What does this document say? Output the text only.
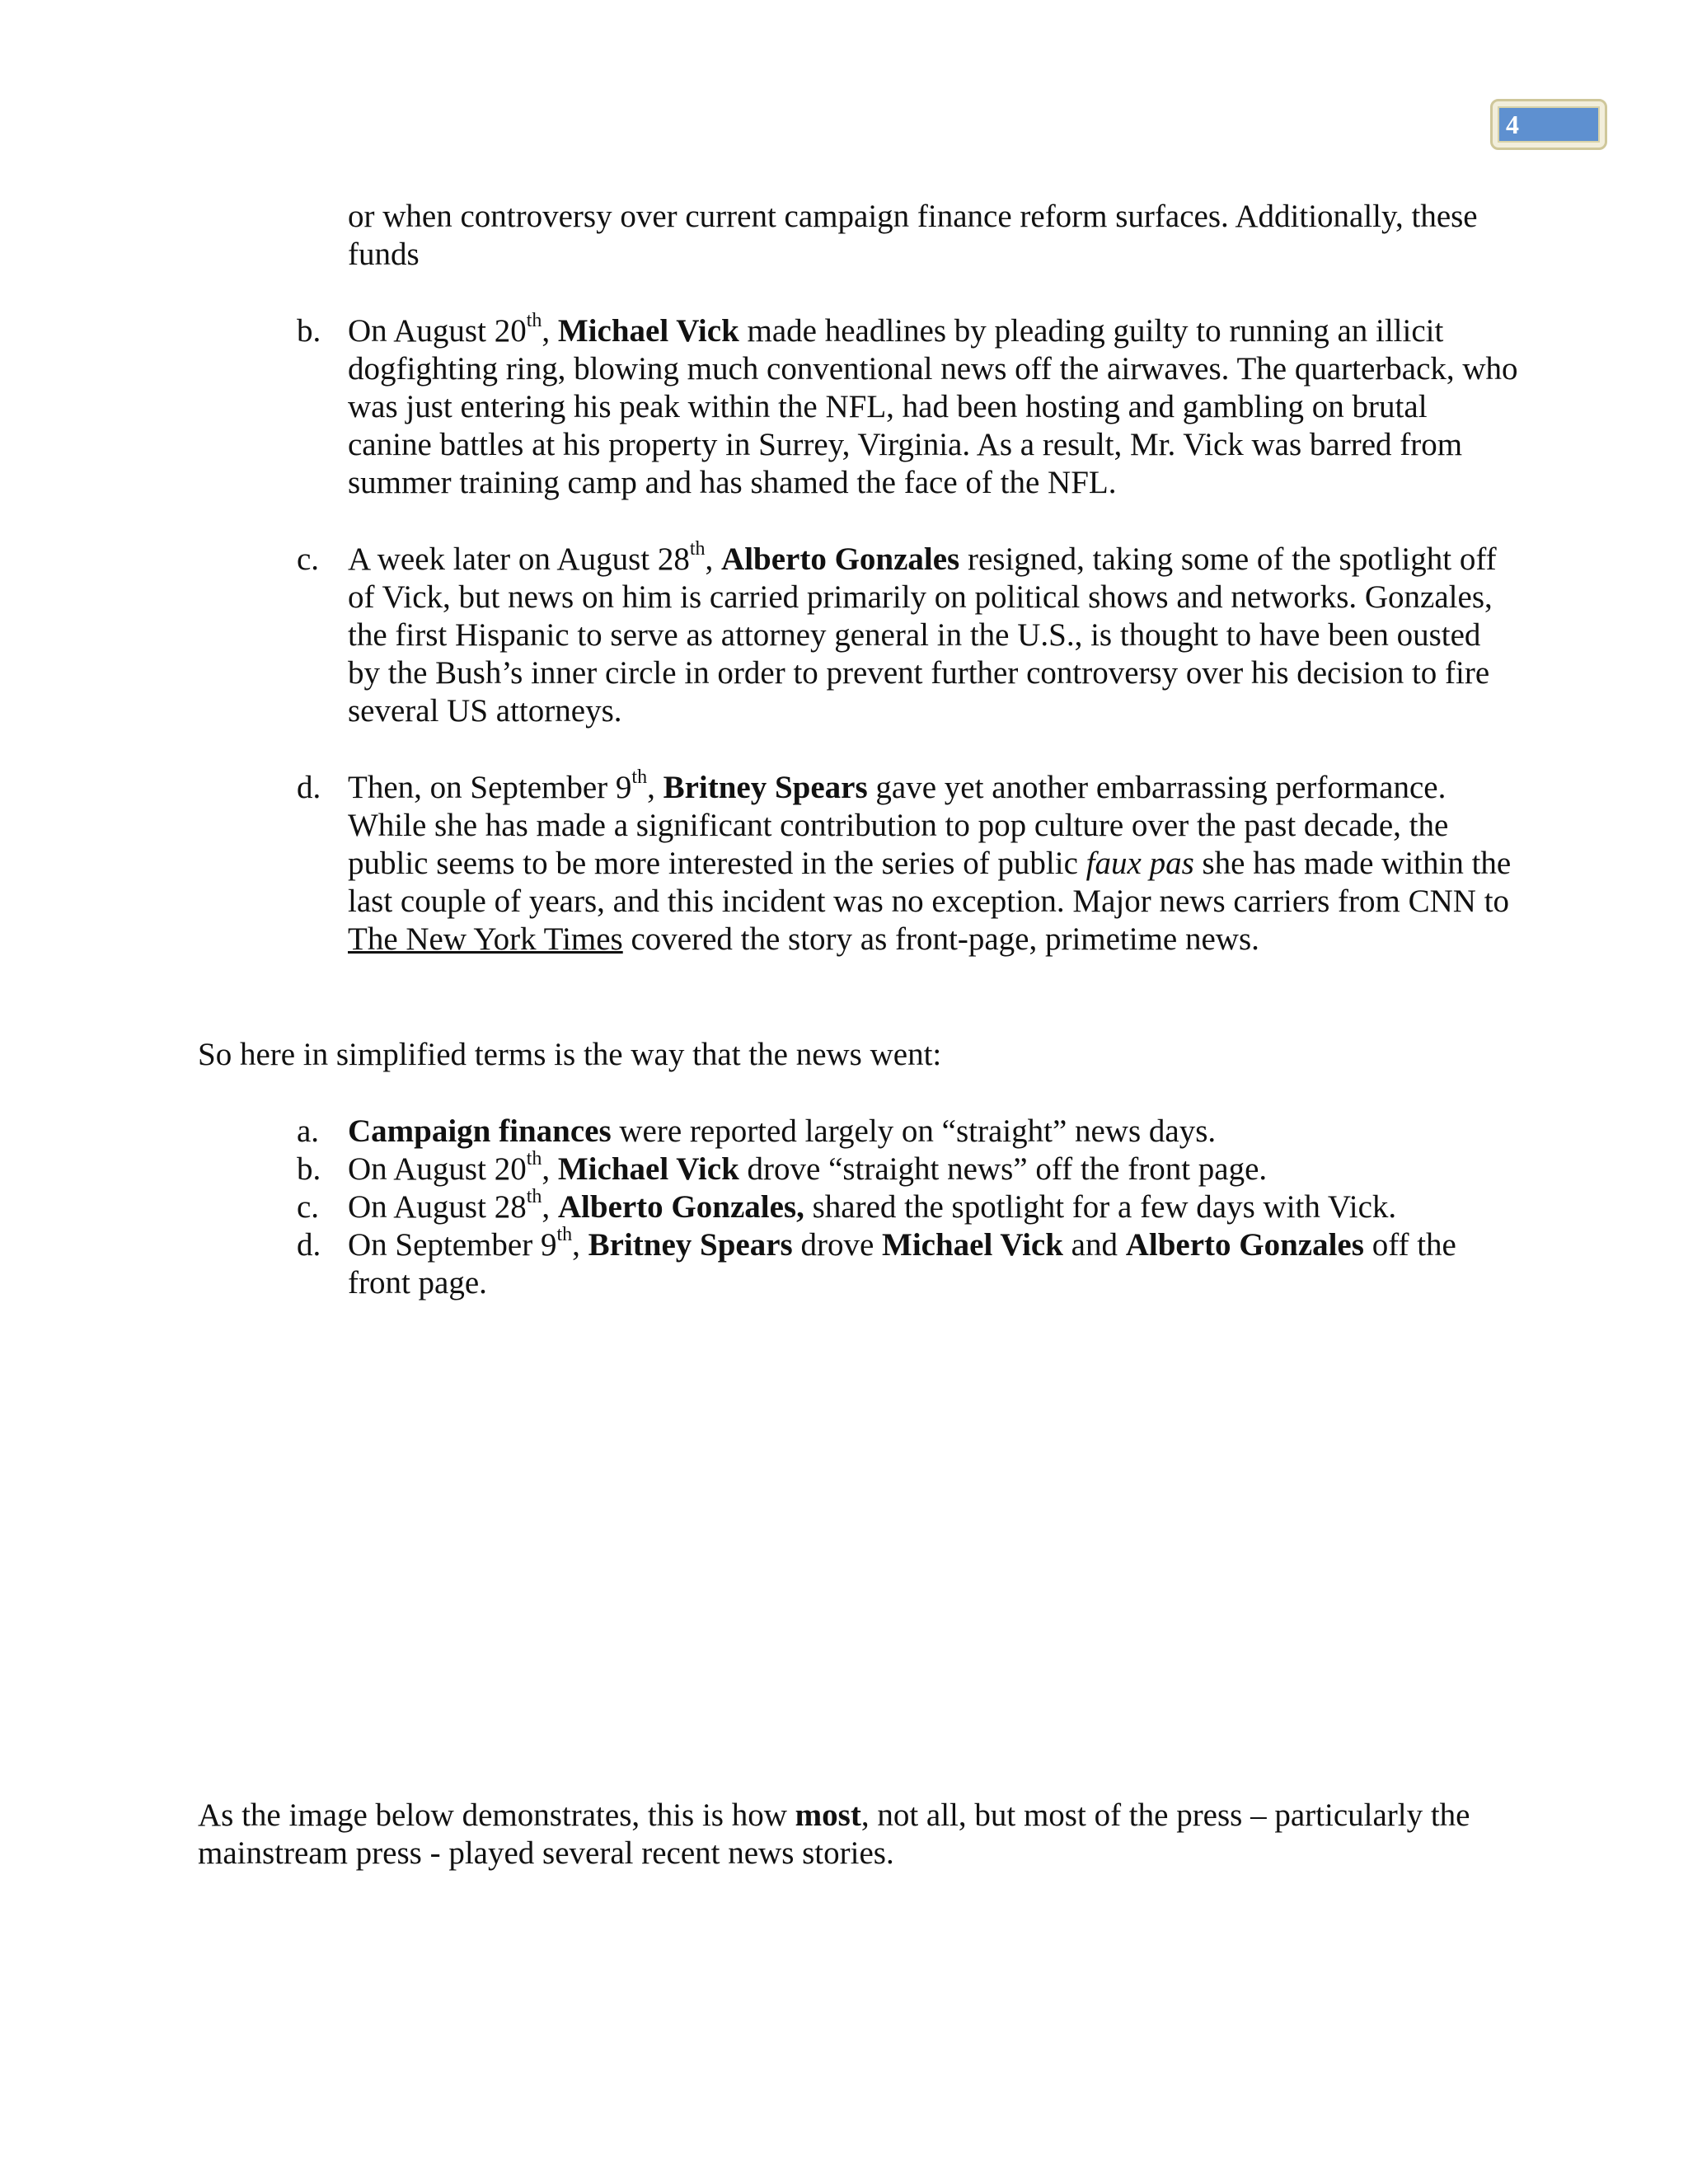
4
or when controversy over current campaign finance reform surfaces. Additionally, these funds
b. On August 20th, Michael Vick made headlines by pleading guilty to running an illicit dogfighting ring, blowing much conventional news off the airwaves. The quarterback, who was just entering his peak within the NFL, had been hosting and gambling on brutal canine battles at his property in Surrey, Virginia. As a result, Mr. Vick was barred from summer training camp and has shamed the face of the NFL.
c. A week later on August 28th, Alberto Gonzales resigned, taking some of the spotlight off of Vick, but news on him is carried primarily on political shows and networks. Gonzales, the first Hispanic to serve as attorney general in the U.S., is thought to have been ousted by the Bush’s inner circle in order to prevent further controversy over his decision to fire several US attorneys.
d. Then, on September 9th, Britney Spears gave yet another embarrassing performance. While she has made a significant contribution to pop culture over the past decade, the public seems to be more interested in the series of public faux pas she has made within the last couple of years, and this incident was no exception. Major news carriers from CNN to The New York Times covered the story as front-page, primetime news.
So here in simplified terms is the way that the news went:
a. Campaign finances were reported largely on “straight” news days.
b. On August 20th, Michael Vick drove “straight news” off the front page.
c. On August 28th, Alberto Gonzales, shared the spotlight for a few days with Vick.
d. On September 9th, Britney Spears drove Michael Vick and Alberto Gonzales off the front page.
As the image below demonstrates, this is how most, not all, but most of the press – particularly the mainstream press - played several recent news stories.
